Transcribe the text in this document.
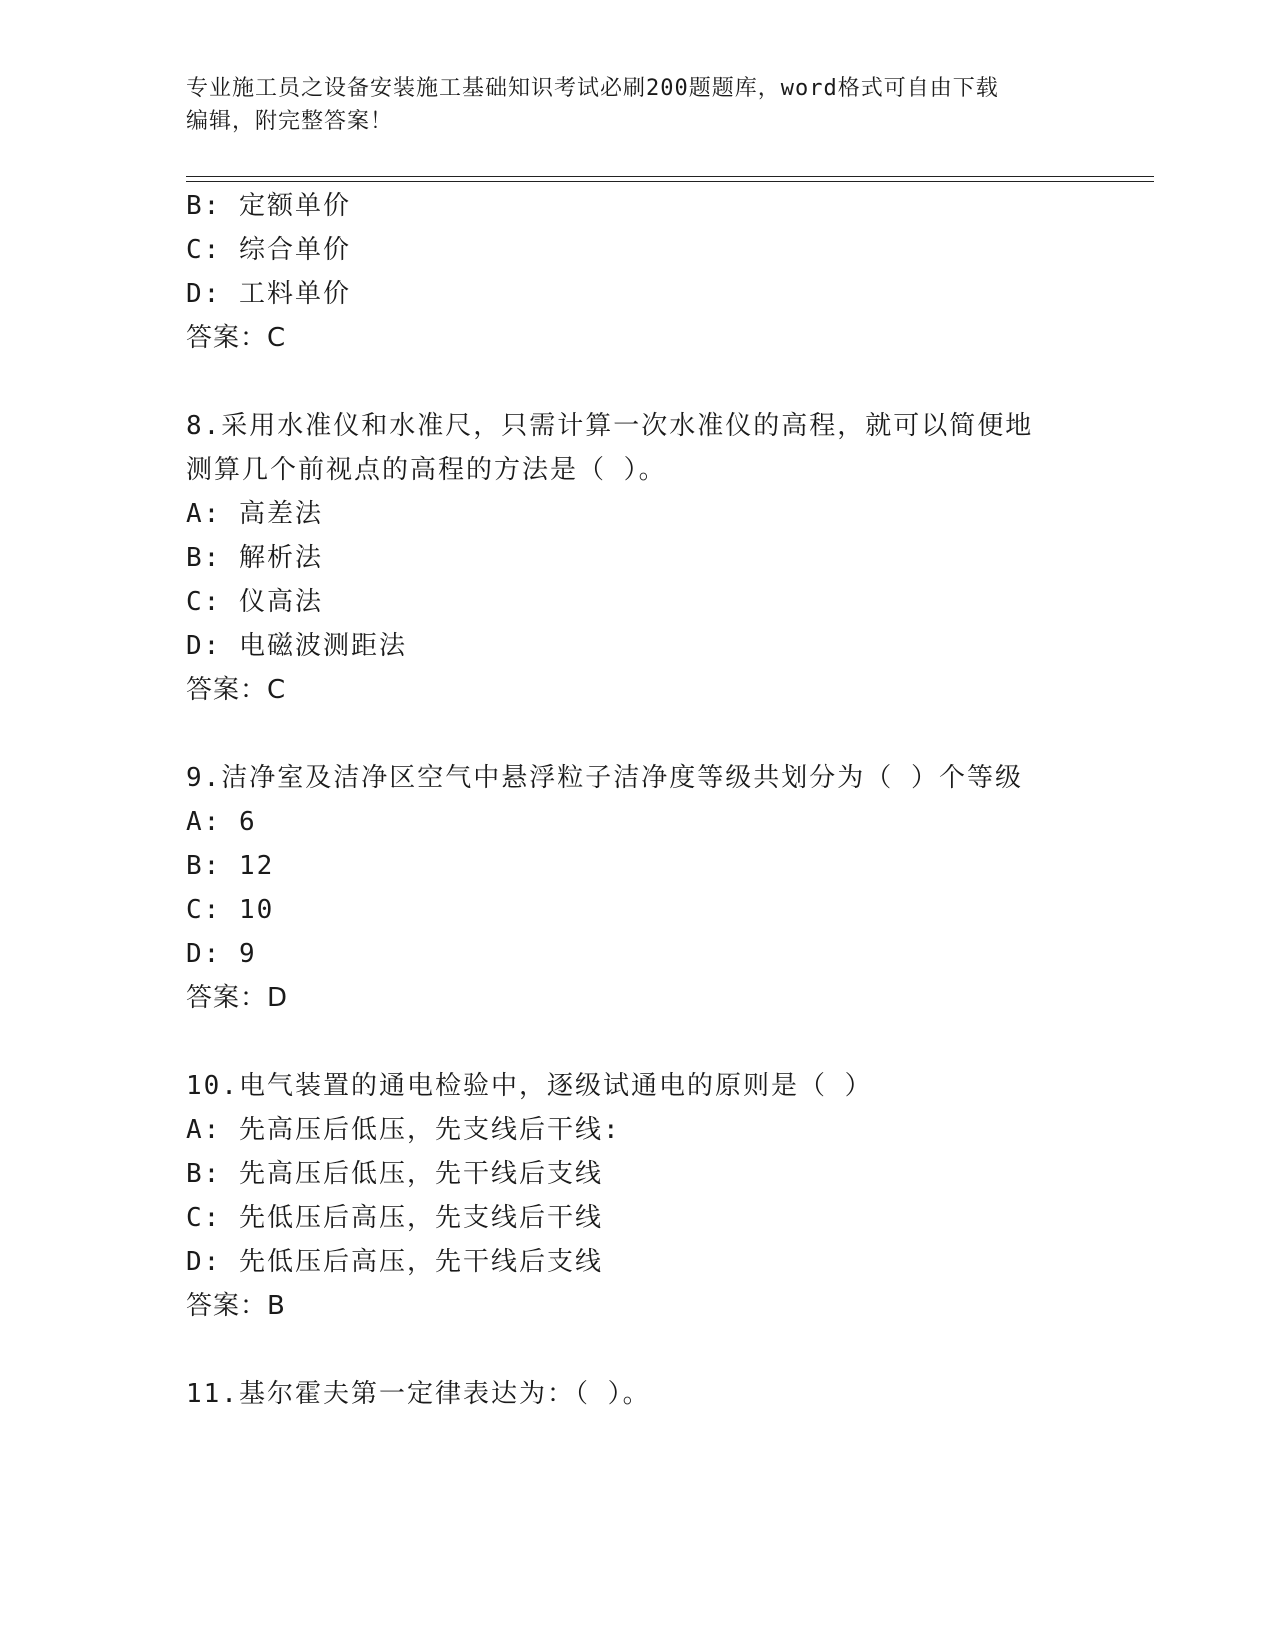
专业施工员之设备安装施工基础知识考试必刷200题题库，word格式可自由下载
编辑，附完整答案！
B: 定额单价
C: 综合单价
D: 工料单价
答案：C
8.采用水准仪和水准尺，只需计算一次水准仪的高程，就可以简便地
测算几个前视点的高程的方法是（ ）。
A: 高差法
B: 解析法
C: 仪高法
D: 电磁波测距法
答案：C
9.洁净室及洁净区空气中悬浮粒子洁净度等级共划分为（ ）个等级
A: 6
B: 12
C: 10
D: 9
答案：D
10.电气装置的通电检验中，逐级试通电的原则是（ ）
A: 先高压后低压，先支线后干线:
B: 先高压后低压，先干线后支线
C: 先低压后高压，先支线后干线
D: 先低压后高压，先干线后支线
答案：B
11.基尔霍夫第一定律表达为：（ ）。
